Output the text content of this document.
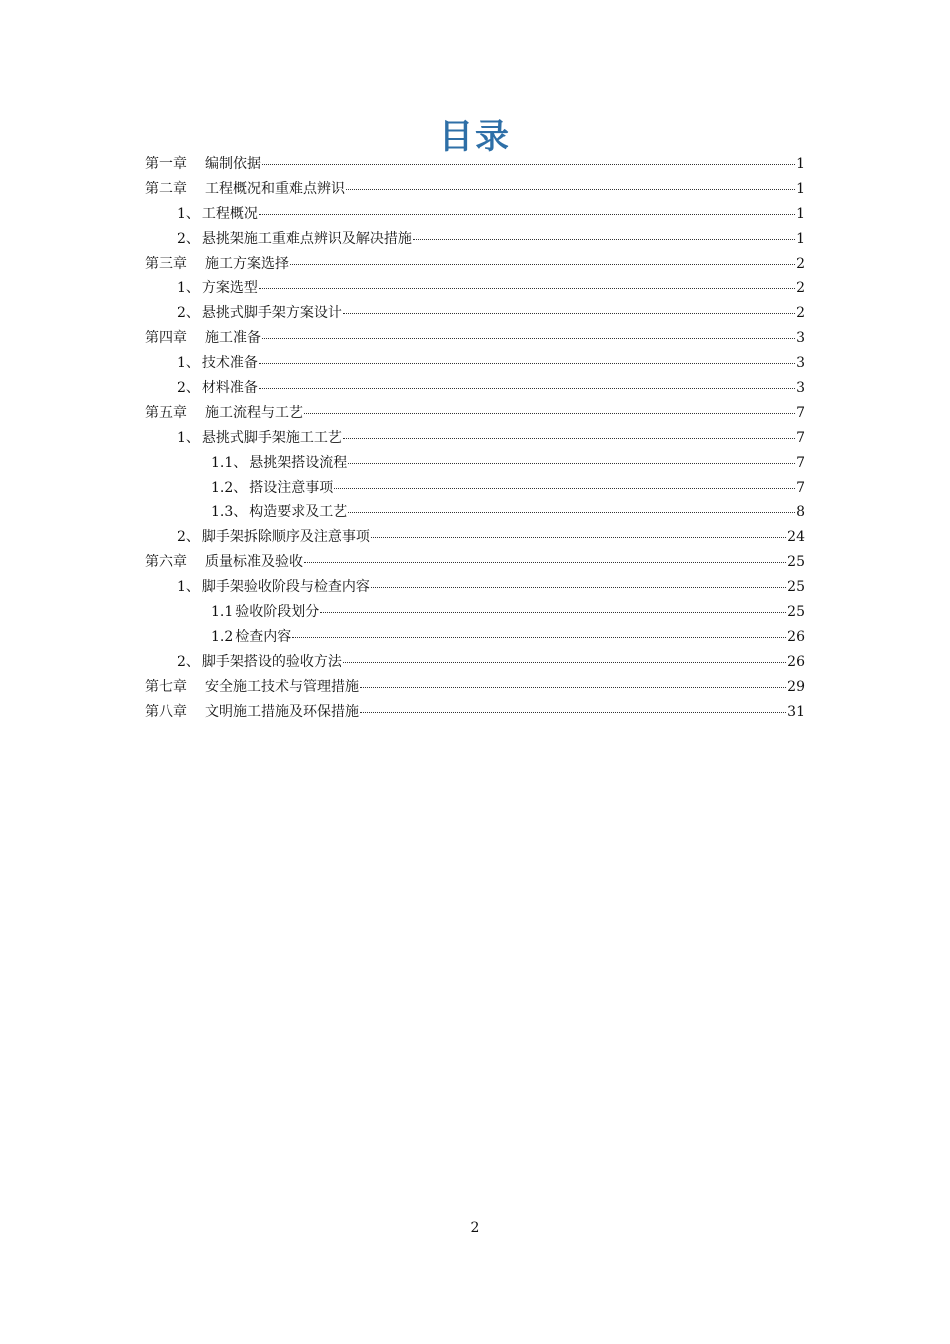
目录
第一章 编制依据	1
第二章 工程概况和重难点辨识	1
1、 工程概况	1
2、 悬挑架施工重难点辨识及解决措施	1
第三章 施工方案选择	2
1、 方案选型	2
2、 悬挑式脚手架方案设计	2
第四章 施工准备	3
1、 技术准备	3
2、 材料准备	3
第五章 施工流程与工艺	7
1、 悬挑式脚手架施工工艺	7
1.1、 悬挑架搭设流程	7
1.2、 搭设注意事项	7
1.3、 构造要求及工艺	8
2、 脚手架拆除顺序及注意事项	24
第六章 质量标准及验收	25
1、 脚手架验收阶段与检查内容	25
1.1 验收阶段划分	25
1.2 检查内容	26
2、 脚手架搭设的验收方法	26
第七章 安全施工技术与管理措施	29
第八章 文明施工措施及环保措施	31
2
